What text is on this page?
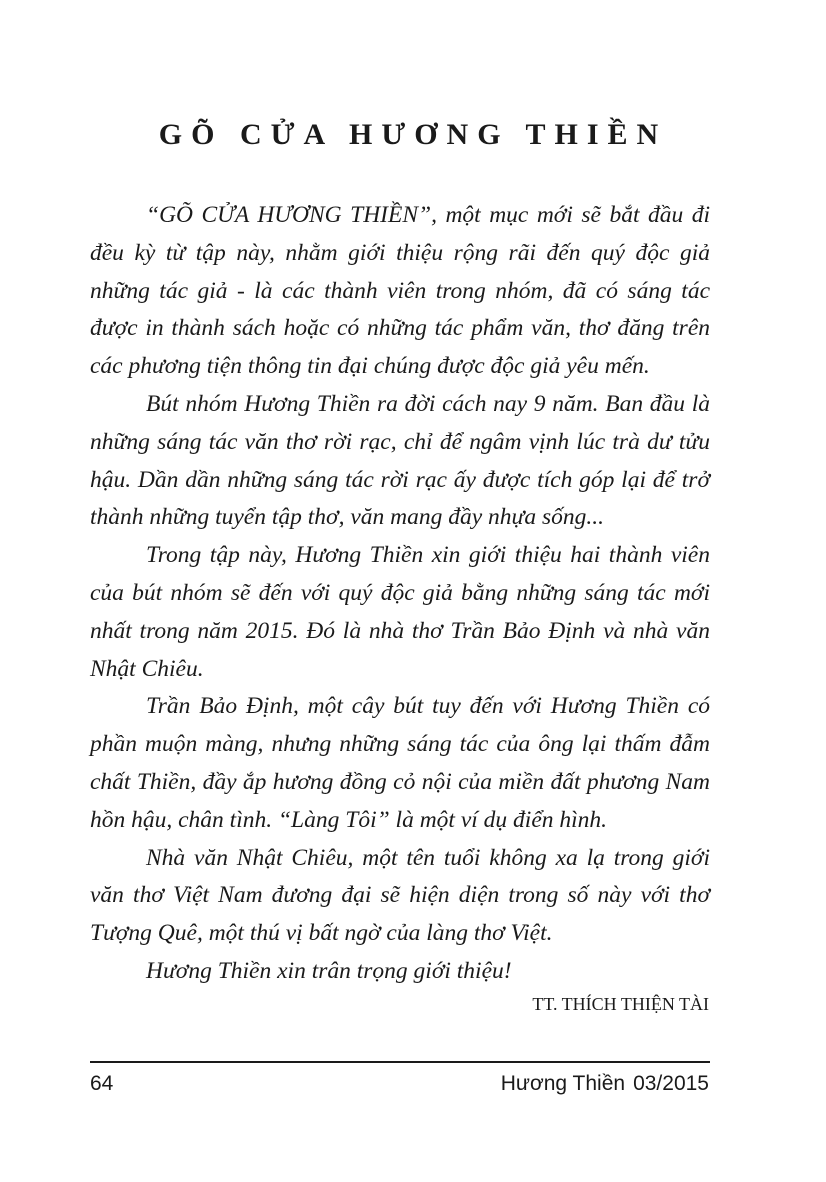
GÕ CỬA HƯƠNG THIỀN

“GÕ CỬA HƯƠNG THIỀN”, một mục mới sẽ bắt đầu đi đều kỳ từ tập này, nhằm giới thiệu rộng rãi đến quý độc giả những tác giả - là các thành viên trong nhóm, đã có sáng tác được in thành sách hoặc có những tác phẩm văn, thơ đăng trên các phương tiện thông tin đại chúng được độc giả yêu mến.

Bút nhóm Hương Thiền ra đời cách nay 9 năm. Ban đầu là những sáng tác văn thơ rời rạc, chỉ để ngâm vịnh lúc trà dư tửu hậu. Dần dần những sáng tác rời rạc ấy được tích góp lại để trở thành những tuyển tập thơ, văn mang đầy nhựa sống...

Trong tập này, Hương Thiền xin giới thiệu hai thành viên của bút nhóm sẽ đến với quý độc giả bằng những sáng tác mới nhất trong năm 2015. Đó là nhà thơ Trần Bảo Định và nhà văn Nhật Chiêu.

Trần Bảo Định, một cây bút tuy đến với Hương Thiền có phần muộn màng, nhưng những sáng tác của ông lại thấm đẫm chất Thiền, đầy ắp hương đồng cỏ nội của miền đất phương Nam hồn hậu, chân tình. “Làng Tôi” là một ví dụ điển hình.

Nhà văn Nhật Chiêu, một tên tuổi không xa lạ trong giới văn thơ Việt Nam đương đại sẽ hiện diện trong số này với thơ Tượng Quê, một thú vị bất ngờ của làng thơ Việt.

Hương Thiền xin trân trọng giới thiệu!

TT. THÍCH THIỆN TÀI
64	Hương Thiền 03/2015
